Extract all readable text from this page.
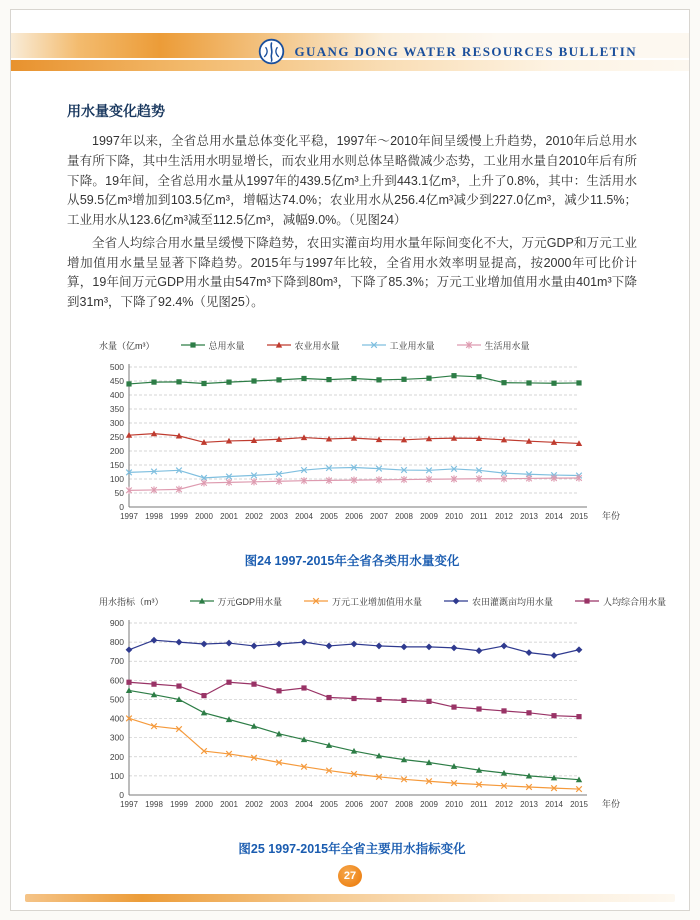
GUANG DONG WATER RESOURCES BULLETIN
用水量变化趋势

1997年以来，全省总用水量总体变化平稳，1997年～2010年间呈缓慢上升趋势，2010年后总用水量有所下降，其中生活用水明显增长，而农业用水则总体呈略微减少态势，工业用水量自2010年后有所下降。19年间，全省总用水量从1997年的439.5亿m³上升到443.1亿m³，上升了0.8%，其中：生活用水从59.5亿m³增加到103.5亿m³，增幅达74.0%；农业用水从256.4亿m³减少到227.0亿m³，减少11.5%；工业用水从123.6亿m³减至112.5亿m³，减幅9.0%。（见图24）

全省人均综合用水量呈缓慢下降趋势，农田实灌亩均用水量年际间变化不大，万元GDP和万元工业增加值用水量呈显著下降趋势。2015年与1997年比较，全省用水效率明显提高，按2000年可比价计算，19年间万元GDP用水量由547m³下降到80m³，下降了85.3%；万元工业增加值用水量由401m³下降到31m³，下降了92.4%（见图25）。

水量（亿m³）	总用水量	农业用水量	工业用水量	生活用水量
0
50
100
150
200
250
300
350
400
450
500
1997 1998 1999 2000 2001 2002 2003 2004 2005 2006 2007 2008 2009 2010 2011 2012 2013 2014 2015 年份
图24 1997-2015年全省各类用水量变化
用水指标（m³）	万元GDP用水量	万元工业增加值用水量	农田灌溉亩均用水量	人均综合用水量
0
100
200
300
400
500
600
700
800
900
1997 1998 1999 2000 2001 2002 2003 2004 2005 2006 2007 2008 2009 2010 2011 2012 2013 2014 2015 年份
图25 1997-2015年全省主要用水指标变化
27
